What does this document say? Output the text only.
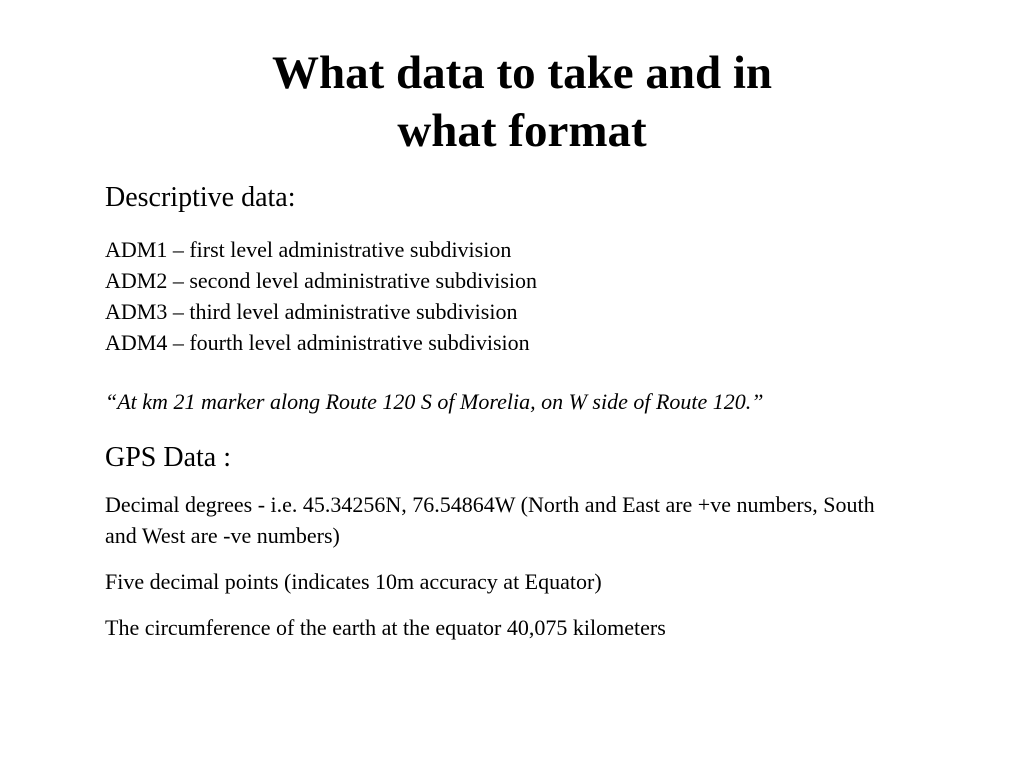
What data to take and in
what format

Descriptive data:

ADM1 – first level administrative subdivision
ADM2 – second level administrative subdivision
ADM3 – third level administrative subdivision
ADM4 – fourth level administrative subdivision

“At km 21 marker along Route 120 S of Morelia, on W side of Route 120.”

GPS Data :

Decimal degrees - i.e. 45.34256N, 76.54864W (North and East are +ve numbers, South and West are -ve numbers)

Five decimal points (indicates 10m accuracy at Equator)

The circumference of the earth at the equator 40,075 kilometers
